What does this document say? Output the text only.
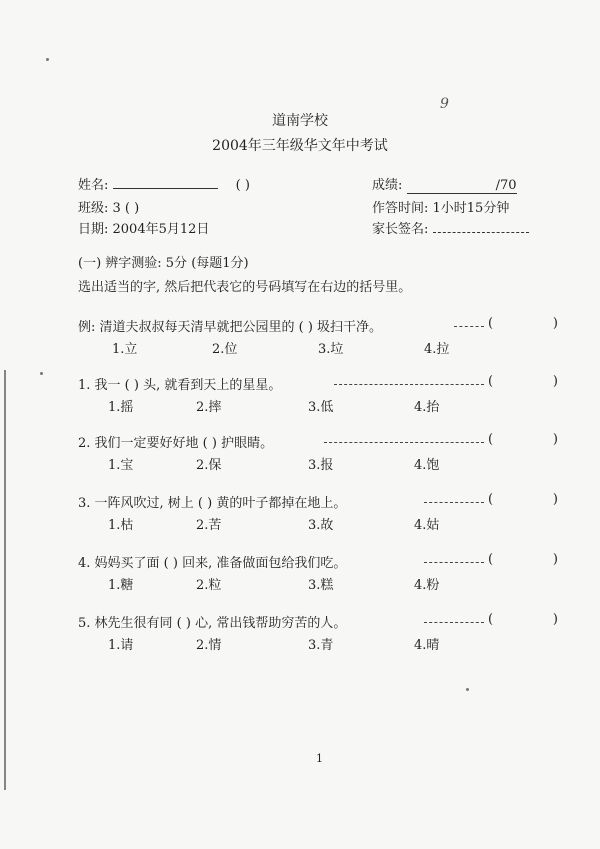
9
道南学校
2004年三年级华文年中考试
姓名:	( )	成绩:	/70
班级: 3 ( )	作答时间: 1小时15分钟
日期: 2004年5月12日	家长签名:
(一) 辨字测验: 5分 (每题1分)
选出适当的字, 然后把代表它的号码填写在右边的括号里。
例: 清道夫叔叔每天清早就把公园里的 ( ) 圾扫干净。	(	)
1.立	2.位	3.垃	4.拉
1. 我一 ( ) 头, 就看到天上的星星。	(	)
1.摇	2.摔	3.低	4.抬
2. 我们一定要好好地 ( ) 护眼睛。	(	)
1.宝	2.保	3.报	4.饱
3. 一阵风吹过, 树上 ( ) 黄的叶子都掉在地上。	(	)
1.枯	2.苦	3.故	4.姑
4. 妈妈买了面 ( ) 回来, 准备做面包给我们吃。	(	)
1.糖	2.粒	3.糕	4.粉
5. 林先生很有同 ( ) 心, 常出钱帮助穷苦的人。	(	)
1.请	2.情	3.青	4.晴
1
